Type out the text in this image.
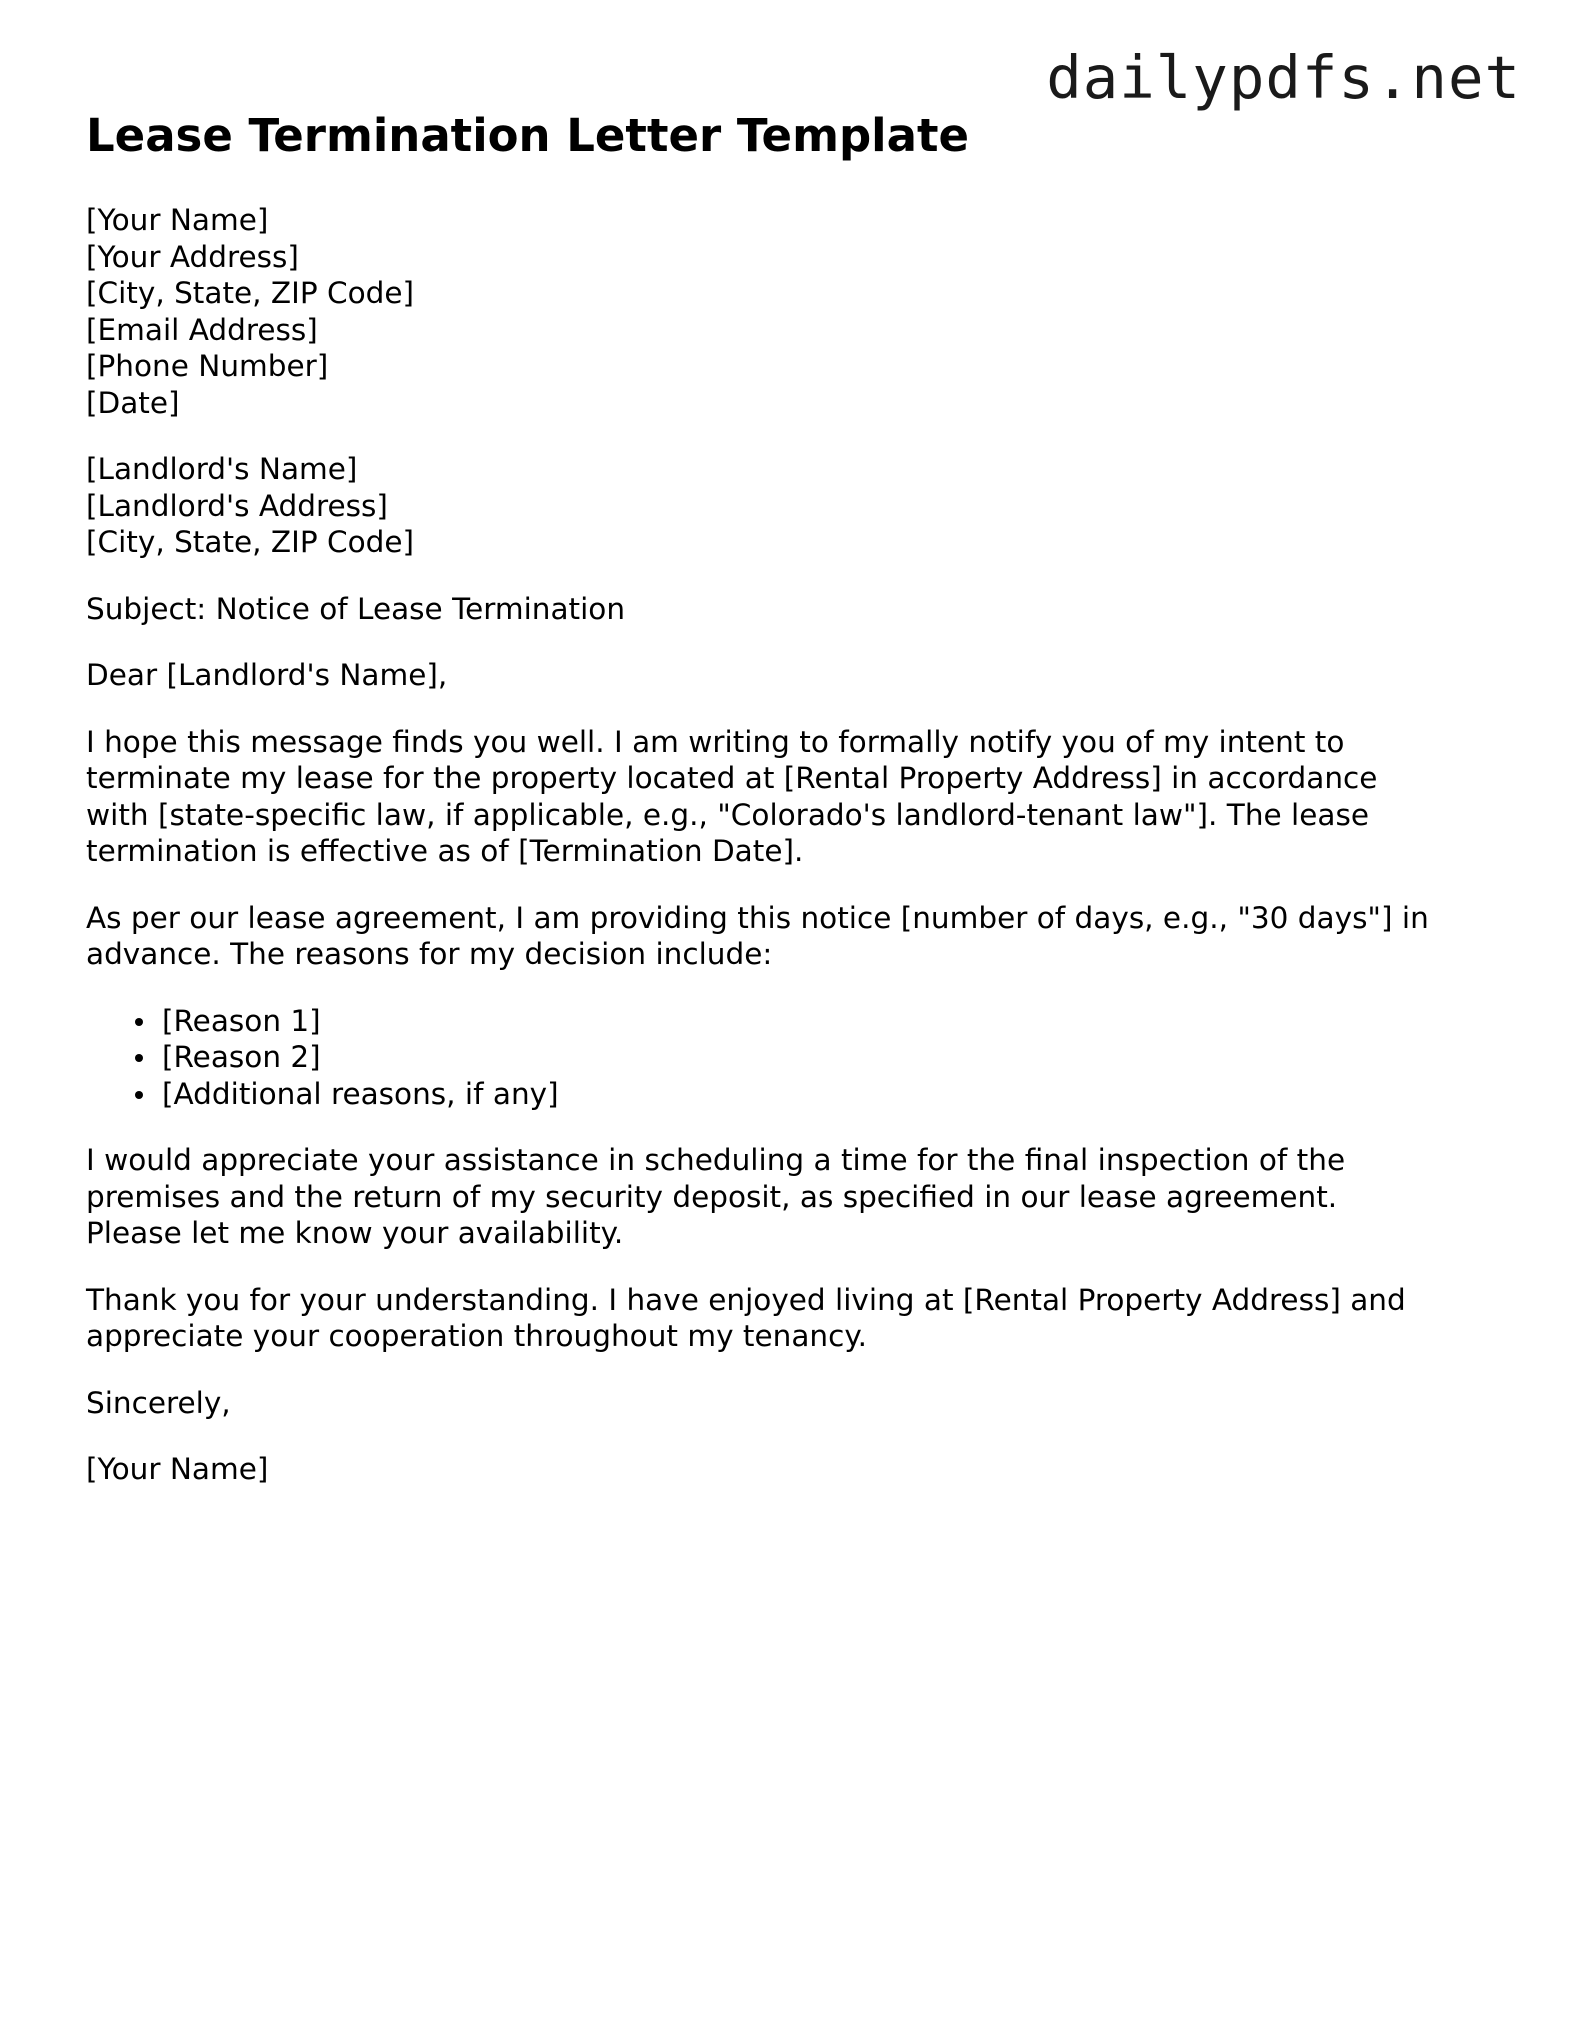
dailypdfs.net
Lease Termination Letter Template
[Your Name]
[Your Address]
[City, State, ZIP Code]
[Email Address]
[Phone Number]
[Date]
[Landlord's Name]
[Landlord's Address]
[City, State, ZIP Code]

Subject: Notice of Lease Termination

Dear [Landlord's Name],

I hope this message finds you well. I am writing to formally notify you of my intent to
terminate my lease for the property located at [Rental Property Address] in accordance
with [state-specific law, if applicable, e.g., "Colorado's landlord-tenant law"]. The lease
termination is effective as of [Termination Date].

As per our lease agreement, I am providing this notice [number of days, e.g., "30 days"] in
advance. The reasons for my decision include:

[Reason 1]
[Reason 2]
[Additional reasons, if any]

I would appreciate your assistance in scheduling a time for the final inspection of the
premises and the return of my security deposit, as specified in our lease agreement.
Please let me know your availability.

Thank you for your understanding. I have enjoyed living at [Rental Property Address] and
appreciate your cooperation throughout my tenancy.

Sincerely,

[Your Name]
